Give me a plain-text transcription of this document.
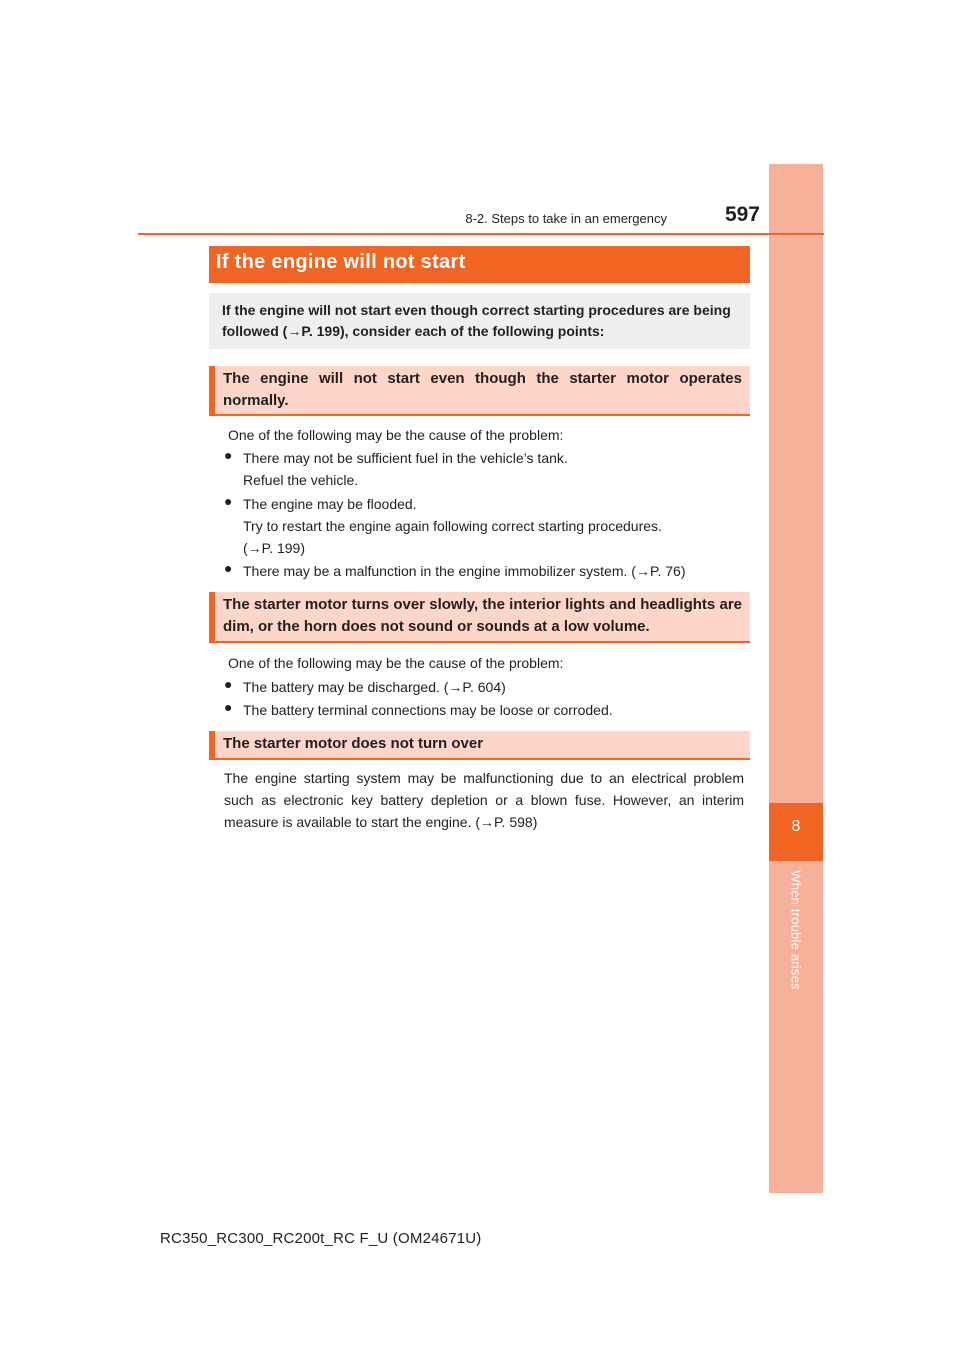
8
When trouble arises
8-2. Steps to take in an emergency	597
If the engine will not start
If the engine will not start even though correct starting procedures are being followed (→P. 199), consider each of the following points:
The engine will not start even though the starter motor operates normally.
One of the following may be the cause of the problem:
● There may not be sufficient fuel in the vehicle’s tank.
Refuel the vehicle.
● The engine may be flooded.
Try to restart the engine again following correct starting procedures.
(→P. 199)
● There may be a malfunction in the engine immobilizer system. (→P. 76)
The starter motor turns over slowly, the interior lights and headlights are dim, or the horn does not sound or sounds at a low volume.
One of the following may be the cause of the problem:
● The battery may be discharged. (→P. 604)
● The battery terminal connections may be loose or corroded.
The starter motor does not turn over
The engine starting system may be malfunctioning due to an electrical problem such as electronic key battery depletion or a blown fuse. However, an interim measure is available to start the engine. (→P. 598)
RC350_RC300_RC200t_RC F_U (OM24671U)
